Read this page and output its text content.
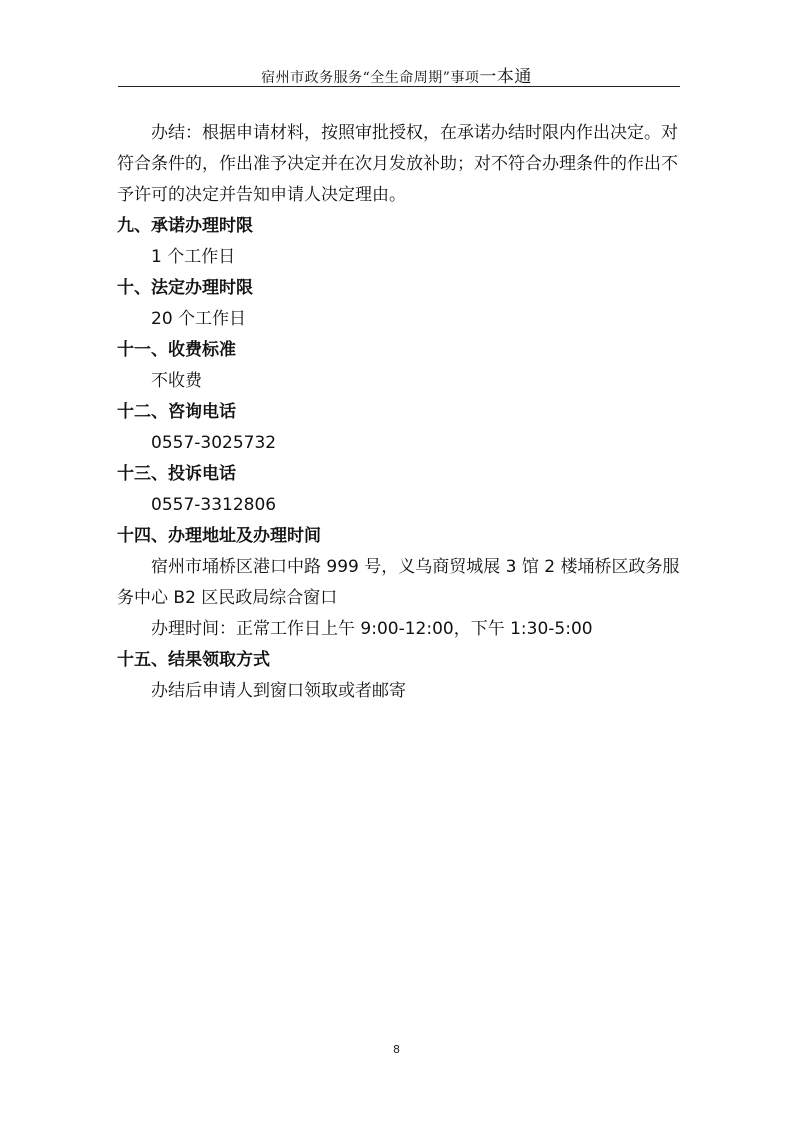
宿州市政务服务“全生命周期”事项一本通

办结：根据申请材料，按照审批授权，在承诺办结时限内作出决定。对符合条件的，作出准予决定并在次月发放补助；对不符合办理条件的作出不予许可的决定并告知申请人决定理由。

九、承诺办理时限

1 个工作日

十、法定办理时限

20 个工作日

十一、收费标准

不收费

十二、咨询电话

0557-3025732

十三、投诉电话

0557-3312806

十四、办理地址及办理时间

宿州市埇桥区港口中路 999 号，义乌商贸城展 3 馆 2 楼埇桥区政务服务中心 B2 区民政局综合窗口

办理时间：正常工作日上午 9:00-12:00，下午 1:30-5:00

十五、结果领取方式

办结后申请人到窗口领取或者邮寄

8
